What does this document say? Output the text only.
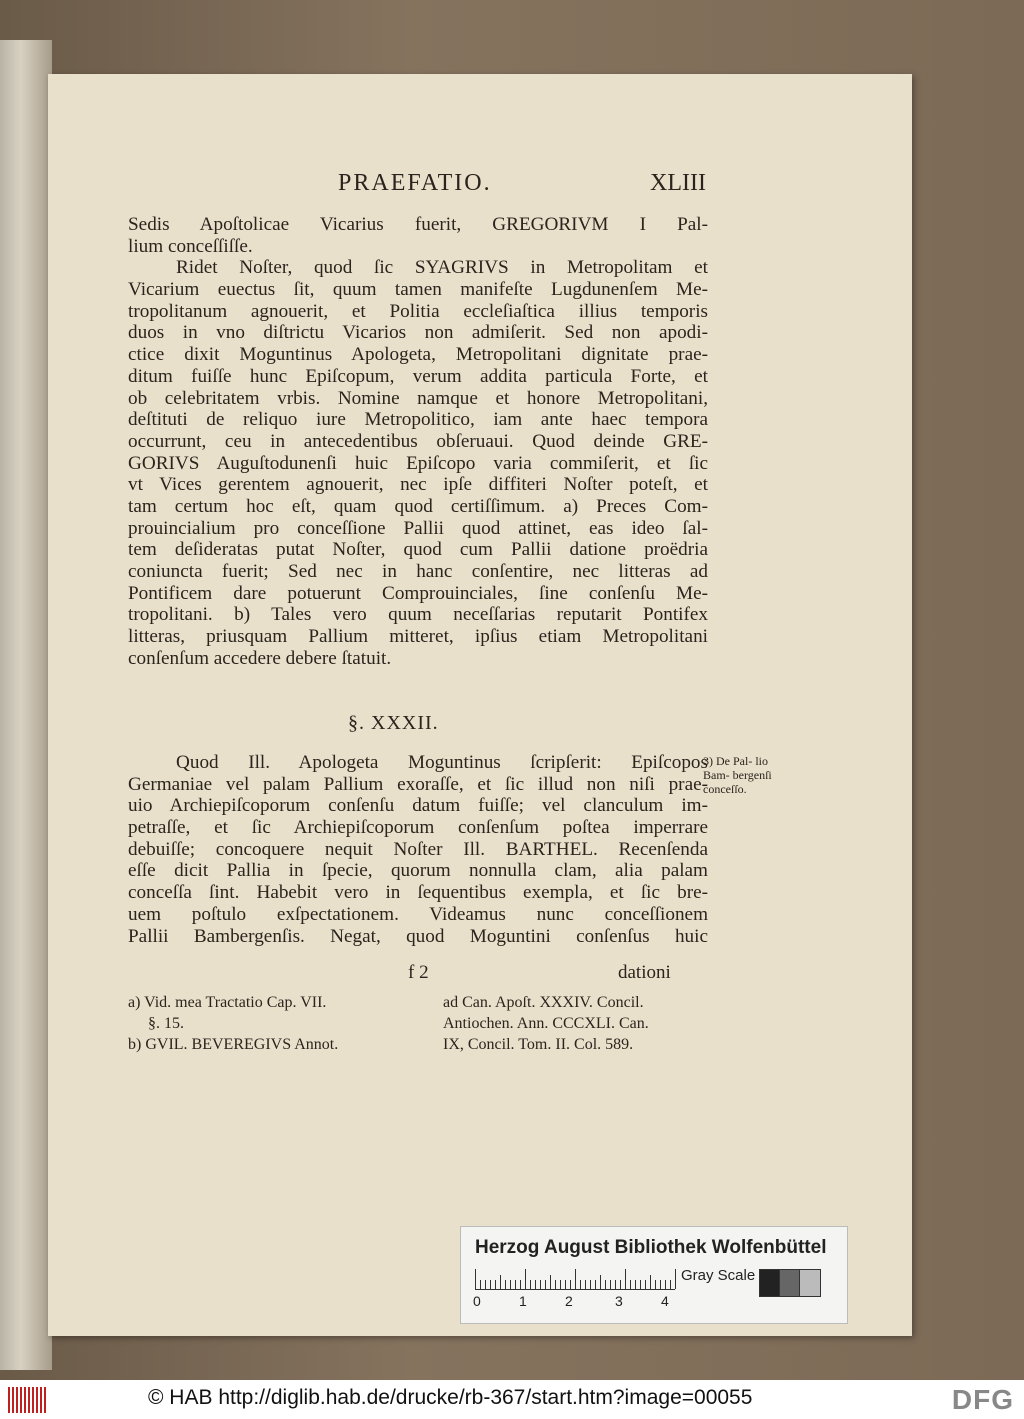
PRAEFATIO.	XLIII
Sedis Apoſtolicae Vicarius fuerit, GREGORIVM I Pal-
lium conceſſiſſe.
Ridet Noſter, quod ſic SYAGRIVS in Metropolitam et
Vicarium euectus ſit, quum tamen manifeſte Lugdunenſem Me-
tropolitanum agnouerit, et Politia eccleſiaſtica illius temporis
duos in vno diſtrictu Vicarios non admiſerit. Sed non apodi-
ctice dixit Moguntinus Apologeta, Metropolitani dignitate prae-
ditum fuiſſe hunc Epiſcopum, verum addita particula Forte, et
ob celebritatem vrbis. Nomine namque et honore Metropolitani,
deſtituti de reliquo iure Metropolitico, iam ante haec tempora
occurrunt, ceu in antecedentibus obſeruaui. Quod deinde GRE-
GORIVS Auguſtodunenſi huic Epiſcopo varia commiſerit, et ſic
vt Vices gerentem agnouerit, nec ipſe diffiteri Noſter poteſt, et
tam certum hoc eſt, quam quod certiſſimum. a) Preces Com-
prouincialium pro conceſſione Pallii quod attinet, eas ideo ſal-
tem deſideratas putat Noſter, quod cum Pallii datione proëdria
coniuncta fuerit; Sed nec in hanc conſentire, nec litteras ad
Pontificem dare potuerunt Comprouinciales, ſine conſenſu Me-
tropolitani. b) Tales vero quum neceſſarias reputarit Pontifex
litteras, priusquam Pallium mitteret, ipſius etiam Metropolitani
conſenſum accedere debere ſtatuit.
§. XXXII.
Quod Ill. Apologeta Moguntinus ſcripſerit: Epiſcopos
Germaniae vel palam Pallium exoraſſe, et ſic illud non niſi prae-
uio Archiepiſcoporum conſenſu datum fuiſſe; vel clanculum im-
petraſſe, et ſic Archiepiſcoporum conſenſum poſtea imperrare
debuiſſe; concoquere nequit Noſter Ill. BARTHEL. Recenſenda
eſſe dicit Pallia in ſpecie, quorum nonnulla clam, alia palam
conceſſa ſint. Habebit vero in ſequentibus exempla, et ſic bre-
uem poſtulo exſpectationem. Videamus nunc conceſſionem
Pallii Bambergenſis. Negat, quod Moguntini conſenſus huic
3) De Pal- lio Bam- bergenſi conceſſo.
f 2	dationi
a) Vid. mea Tractatio Cap. VII.
§. 15.
b) GVIL. BEVEREGIVS Annot.
ad Can. Apoſt. XXXIV. Concil.
Antiochen. Ann. CCCXLI. Can.
IX, Concil. Tom. II. Col. 589.
Herzog August Bibliothek Wolfenbüttel
0	1	2	3	4
Gray Scale
© HAB http://diglib.hab.de/drucke/rb-367/start.htm?image=00055	DFG
